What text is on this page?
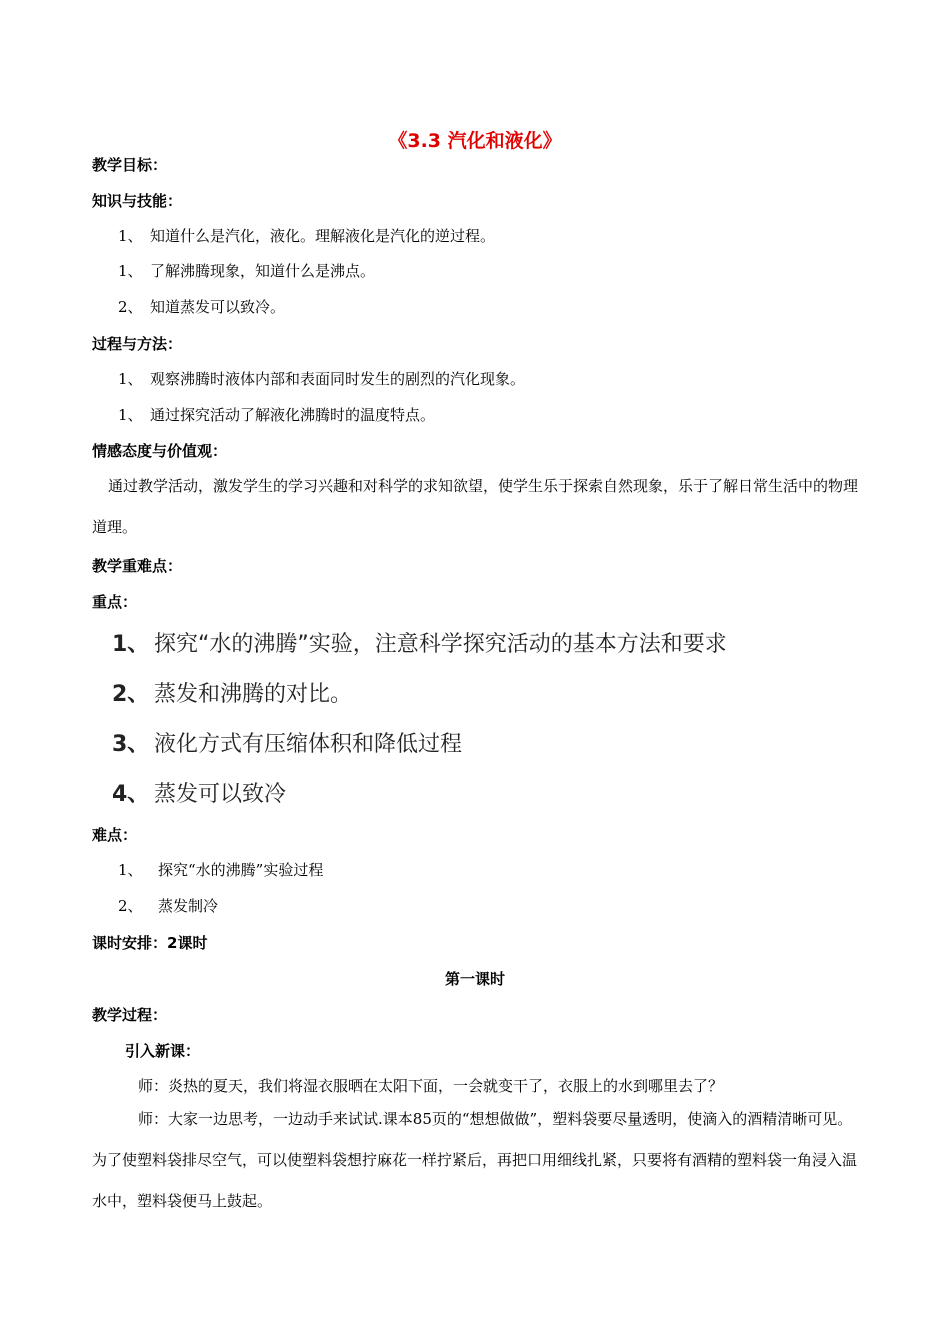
《3.3 汽化和液化》
教学目标：
知识与技能：
1、 知道什么是汽化，液化。理解液化是汽化的逆过程。
1、 了解沸腾现象，知道什么是沸点。
2、 知道蒸发可以致冷。
过程与方法：
1、 观察沸腾时液体内部和表面同时发生的剧烈的汽化现象。
1、 通过探究活动了解液化沸腾时的温度特点。
情感态度与价值观：
通过教学活动，激发学生的学习兴趣和对科学的求知欲望，使学生乐于探索自然现象，乐于了解日常生活中的物理道理。
教学重难点：
重点：
1、 探究“水的沸腾”实验，注意科学探究活动的基本方法和要求
2、 蒸发和沸腾的对比。
3、 液化方式有压缩体积和降低过程
4、 蒸发可以致冷
难点：
1、 探究“水的沸腾”实验过程
2、 蒸发制冷
课时安排：2课时
第一课时
教学过程：
引入新课：
师：炎热的夏天，我们将湿衣服晒在太阳下面，一会就变干了，衣服上的水到哪里去了？
师：大家一边思考，一边动手来试试.课本85页的“想想做做”，塑料袋要尽量透明，使滴入的酒精清晰可见。为了使塑料袋排尽空气，可以使塑料袋想拧麻花一样拧紧后，再把口用细线扎紧，只要将有酒精的塑料袋一角浸入温水中，塑料袋便马上鼓起。
